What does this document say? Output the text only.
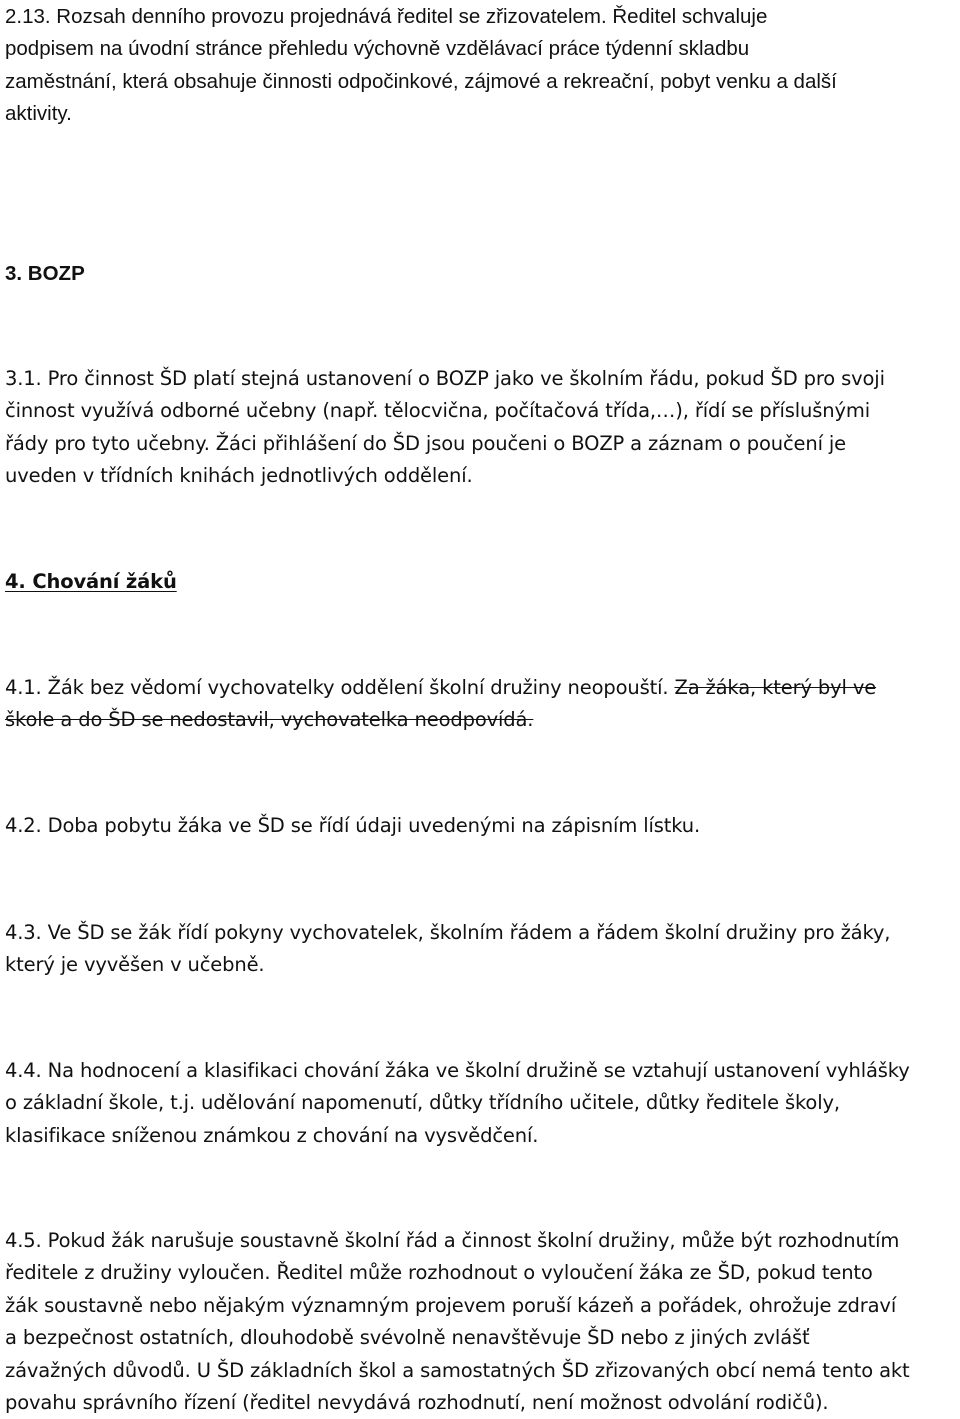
2.13. Rozsah denního provozu projednává ředitel se zřizovatelem. Ředitel schvaluje
podpisem na úvodní stránce přehledu výchovně vzdělávací práce týdenní skladbu
zaměstnání, která obsahuje činnosti odpočinkové, zájmové a rekreační, pobyt venku a další
aktivity.
3. BOZP
3.1. Pro činnost ŠD platí stejná ustanovení o BOZP jako ve školním řádu, pokud ŠD pro svoji
činnost využívá odborné učebny (např. tělocvična, počítačová třída,…), řídí se příslušnými
řády pro tyto učebny. Žáci přihlášení do ŠD jsou poučeni o BOZP a záznam o poučení je
uveden v třídních knihách jednotlivých oddělení.
4. Chování žáků
4.1. Žák bez vědomí vychovatelky oddělení školní družiny neopouští. Za žáka, který byl ve
škole a do ŠD se nedostavil, vychovatelka neodpovídá.
4.2. Doba pobytu žáka ve ŠD se řídí údaji uvedenými na zápisním lístku.
4.3. Ve ŠD se žák řídí pokyny vychovatelek, školním řádem a řádem školní družiny pro žáky,
který je vyvěšen v učebně.
4.4. Na hodnocení a klasifikaci chování žáka ve školní družině se vztahují ustanovení vyhlášky
o základní škole, t.j. udělování napomenutí, důtky třídního učitele, důtky ředitele školy,
klasifikace sníženou známkou z chování na vysvědčení.
4.5. Pokud žák narušuje soustavně školní řád a činnost školní družiny, může být rozhodnutím
ředitele z družiny vyloučen. Ředitel může rozhodnout o vyloučení žáka ze ŠD, pokud tento
žák soustavně nebo nějakým významným projevem poruší kázeň a pořádek, ohrožuje zdraví
a bezpečnost ostatních, dlouhodobě svévolně nenavštěvuje ŠD nebo z jiných zvlášť
závažných důvodů. U ŠD základních škol a samostatných ŠD zřizovaných obcí nemá tento akt
povahu správního řízení (ředitel nevydává rozhodnutí, není možnost odvolání rodičů).
